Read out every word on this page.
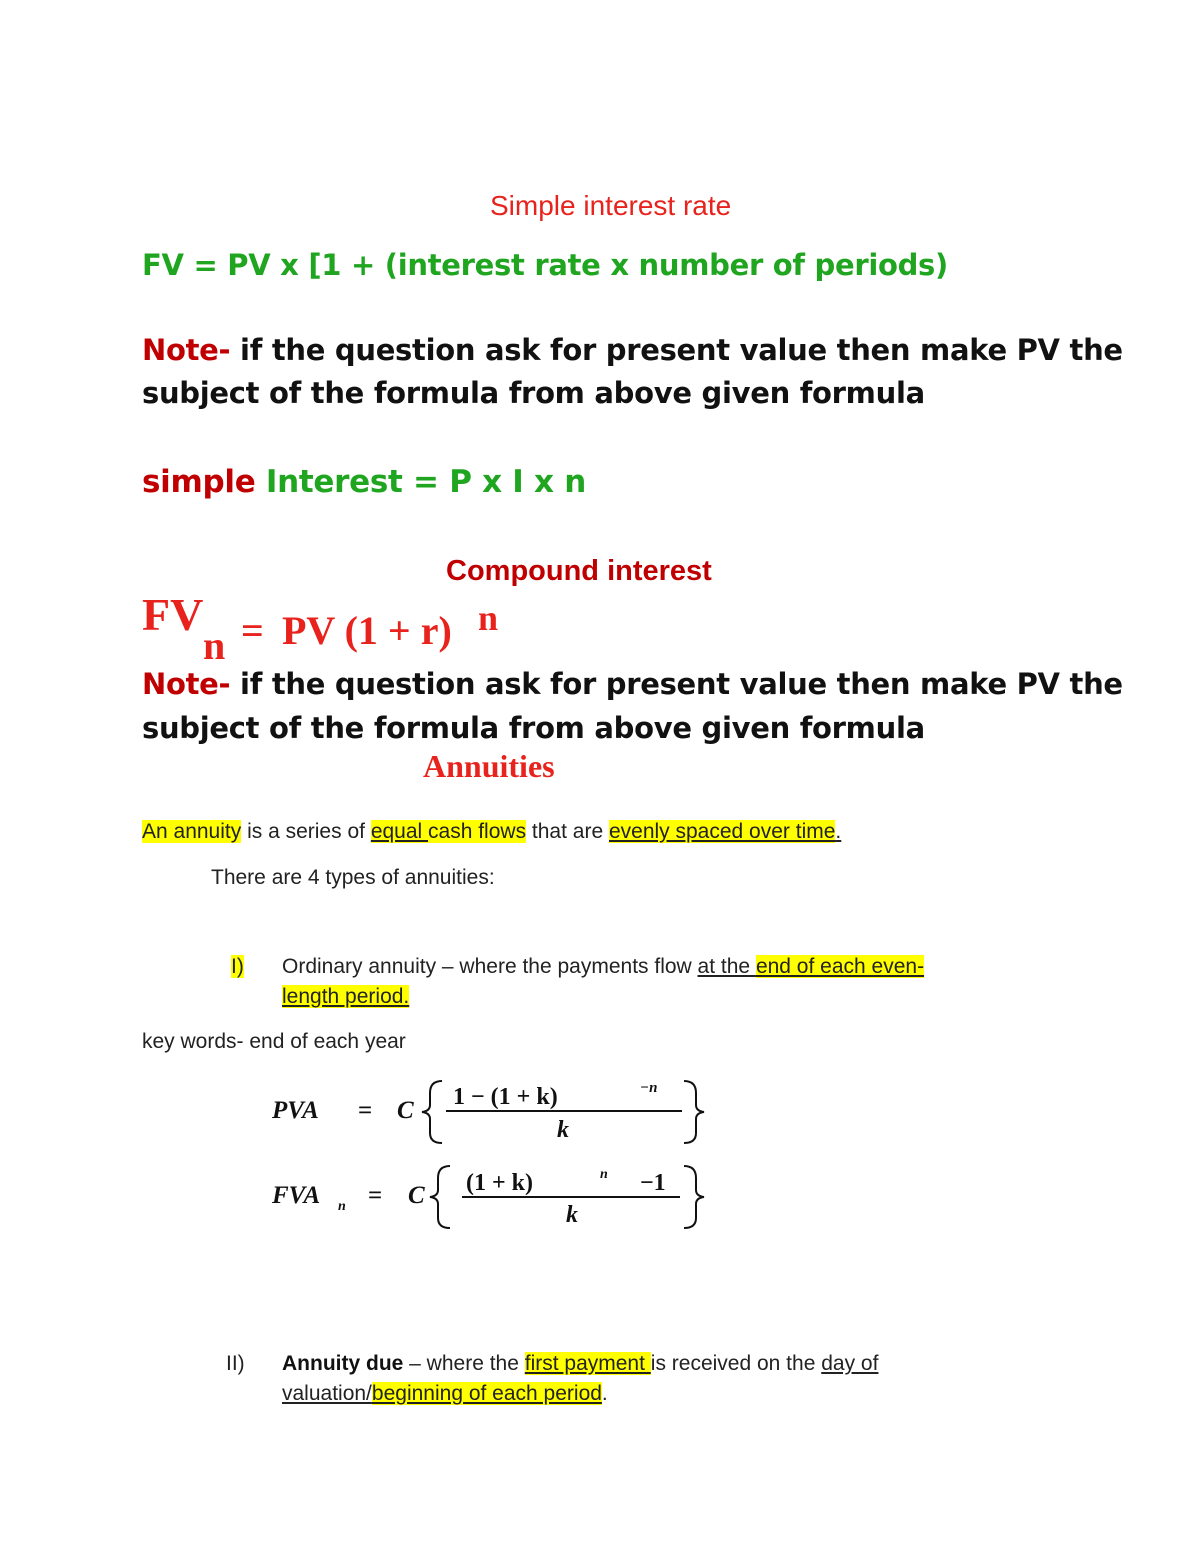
Simple interest rate
FV = PV x [1 + (interest rate x number of periods)
Note- if the question ask for present value then make PV the
subject of the formula from above given formula
simple Interest = P x I x n
Compound interest
FV
n = PV (1 + r) n
Note- if the question ask for present value then make PV the
subject of the formula from above given formula
Annuities
An annuity is a series of equal cash flows that are evenly spaced over time.
There are 4 types of annuities:
I) Ordinary annuity – where the payments flow at the end of each even-
length period.
key words- end of each year
PVA = C 1 − (1 + k)	−n
k
FVA n = C (1 + k)	n −1
k
II) Annuity due – where the first payment is received on the day of
valuation/beginning of each period.
